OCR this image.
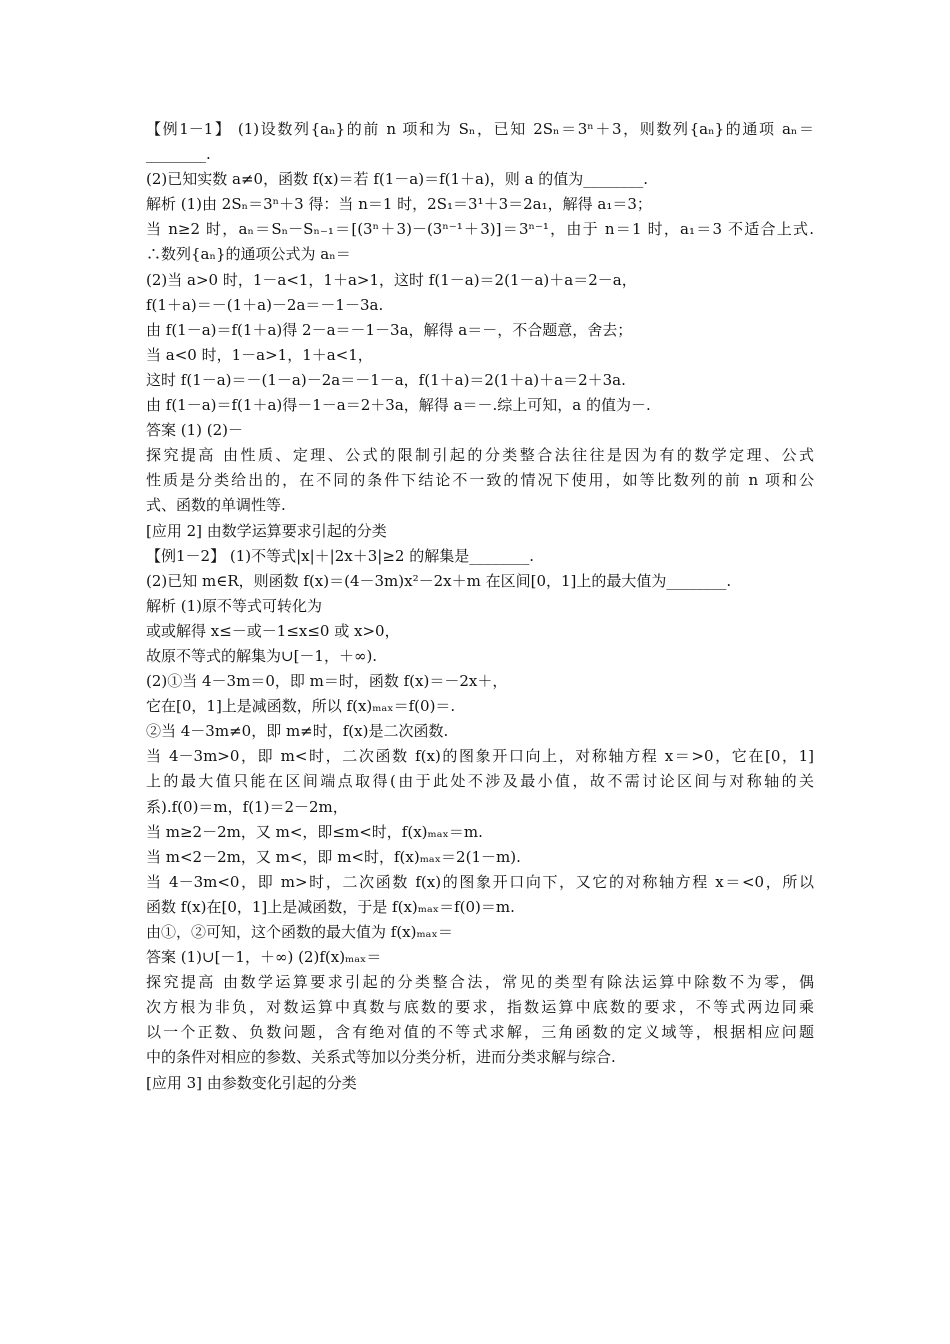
【例1－1】 (1)设数列{aₙ}的前 n 项和为 Sₙ，已知 2Sₙ＝3ⁿ＋3，则数列{aₙ}的通项 aₙ＝
________.
(2)已知实数 a≠0，函数 f(x)＝若 f(1－a)＝f(1＋a)，则 a 的值为________.
解析 (1)由 2Sₙ＝3ⁿ＋3 得：当 n＝1 时，2S₁＝3¹＋3＝2a₁，解得 a₁＝3；
当 n≥2 时，aₙ＝Sₙ－Sₙ₋₁＝[(3ⁿ＋3)－(3ⁿ⁻¹＋3)]＝3ⁿ⁻¹，由于 n＝1 时，a₁＝3 不适合上式.
∴数列{aₙ}的通项公式为 aₙ＝
(2)当 a>0 时，1－a<1，1＋a>1，这时 f(1－a)＝2(1－a)＋a＝2－a，
f(1＋a)＝－(1＋a)－2a＝－1－3a.
由 f(1－a)＝f(1＋a)得 2－a＝－1－3a，解得 a＝－，不合题意，舍去；
当 a<0 时，1－a>1，1＋a<1，
这时 f(1－a)＝－(1－a)－2a＝－1－a，f(1＋a)＝2(1＋a)＋a＝2＋3a.
由 f(1－a)＝f(1＋a)得－1－a＝2＋3a，解得 a＝－.综上可知，a 的值为－.
答案 (1) (2)－
探究提高 由性质、定理、公式的限制引起的分类整合法往往是因为有的数学定理、公式
性质是分类给出的，在不同的条件下结论不一致的情况下使用，如等比数列的前 n 项和公
式、函数的单调性等.
[应用 2] 由数学运算要求引起的分类
【例1－2】 (1)不等式|x|＋|2x＋3|≥2 的解集是________.
(2)已知 m∈R，则函数 f(x)＝(4－3m)x²－2x＋m 在区间[0，1]上的最大值为________.
解析 (1)原不等式可转化为
或或解得 x≤－或－1≤x≤0 或 x>0，
故原不等式的解集为∪[－1，＋∞).
(2)①当 4－3m＝0，即 m＝时，函数 f(x)＝－2x＋，
它在[0，1]上是减函数，所以 f(x)ₘₐₓ＝f(0)＝.
②当 4－3m≠0，即 m≠时，f(x)是二次函数.
当 4－3m>0，即 m<时，二次函数 f(x)的图象开口向上，对称轴方程 x＝>0，它在[0，1]
上的最大值只能在区间端点取得(由于此处不涉及最小值，故不需讨论区间与对称轴的关
系).f(0)＝m，f(1)＝2－2m，
当 m≥2－2m，又 m<，即≤m<时，f(x)ₘₐₓ＝m.
当 m<2－2m，又 m<，即 m<时，f(x)ₘₐₓ＝2(1－m).
当 4－3m<0，即 m>时，二次函数 f(x)的图象开口向下，又它的对称轴方程 x＝<0，所以
函数 f(x)在[0，1]上是减函数，于是 f(x)ₘₐₓ＝f(0)＝m.
由①，②可知，这个函数的最大值为 f(x)ₘₐₓ＝
答案 (1)∪[－1，＋∞) (2)f(x)ₘₐₓ＝
探究提高 由数学运算要求引起的分类整合法，常见的类型有除法运算中除数不为零，偶
次方根为非负，对数运算中真数与底数的要求，指数运算中底数的要求，不等式两边同乘
以一个正数、负数问题，含有绝对值的不等式求解，三角函数的定义域等，根据相应问题
中的条件对相应的参数、关系式等加以分类分析，进而分类求解与综合.
[应用 3] 由参数变化引起的分类
